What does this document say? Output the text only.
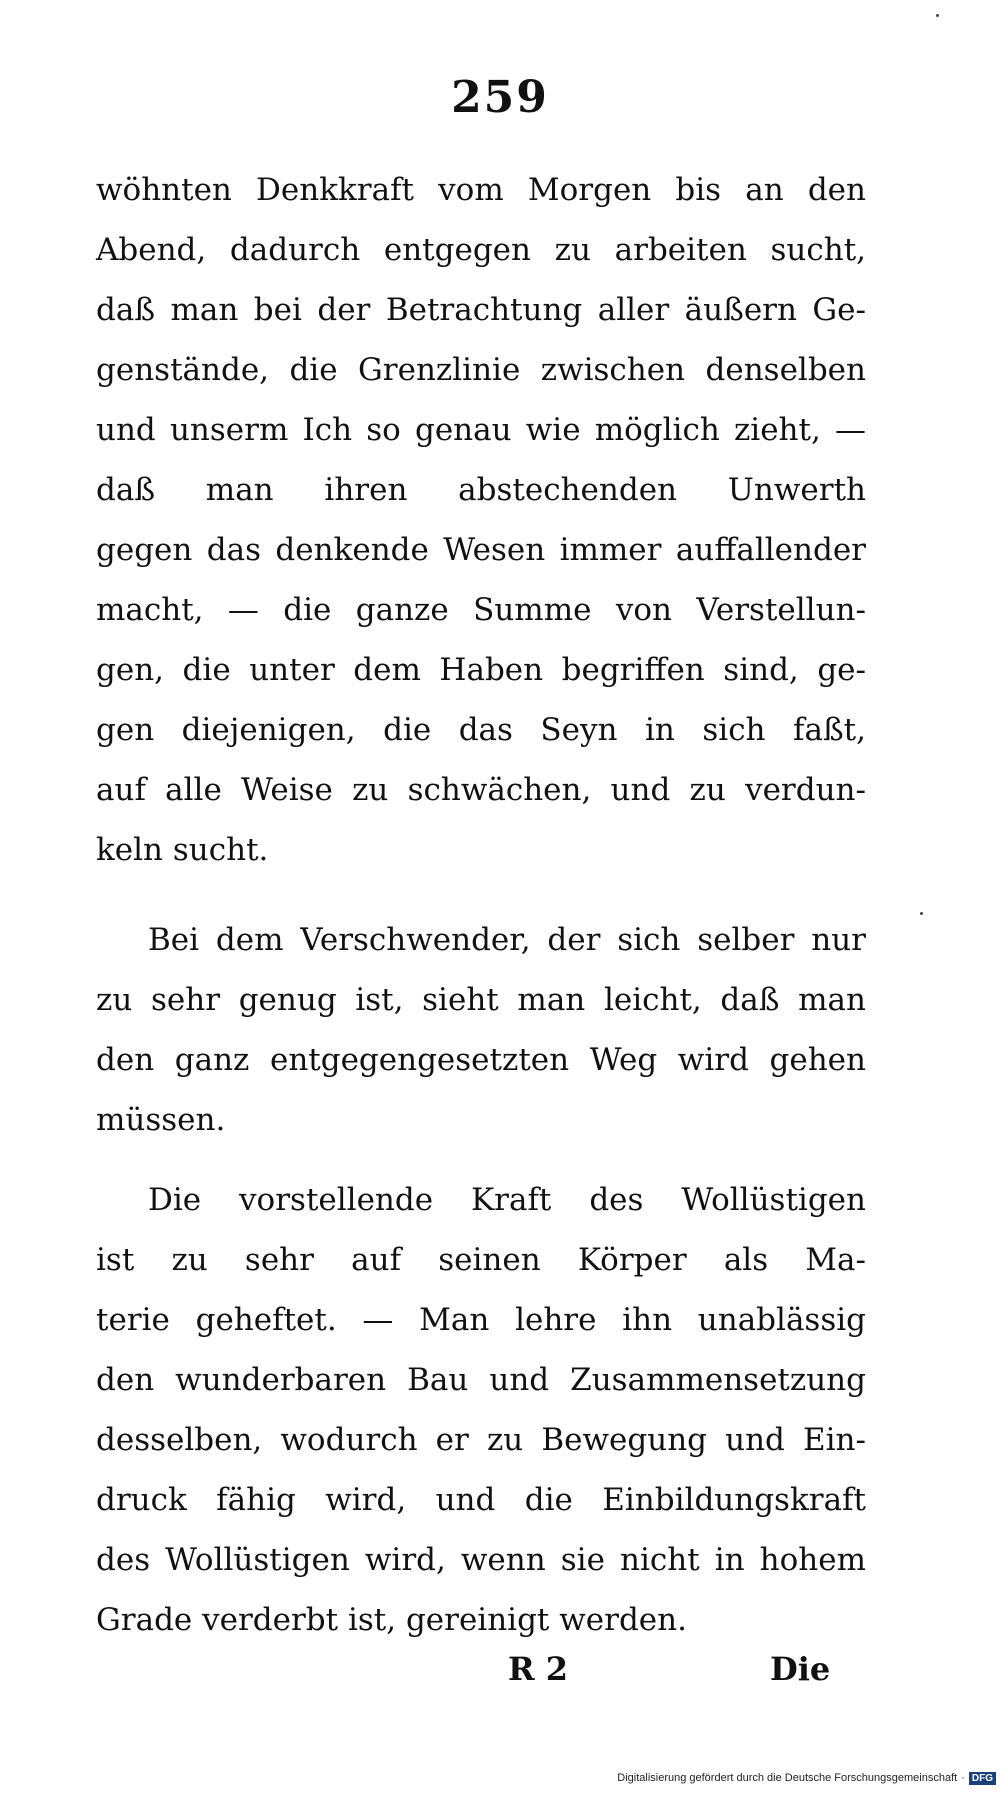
259
wöhnten Denkkraft vom Morgen bis an den
Abend, dadurch entgegen zu arbeiten sucht,
daß man bei der Betrachtung aller äußern Ge-
genstände, die Grenzlinie zwischen denselben
und unserm Ich so genau wie möglich zieht, —
daß man ihren abstechenden Unwerth
gegen das denkende Wesen immer auffallender
macht, — die ganze Summe von Verstellun-
gen, die unter dem Haben begriffen sind, ge-
gen diejenigen, die das Seyn in sich faßt,
auf alle Weise zu schwächen, und zu verdun-
keln sucht.
Bei dem Verschwender, der sich selber nur
zu sehr genug ist, sieht man leicht, daß man
den ganz entgegengesetzten Weg wird gehen
müssen.
Die vorstellende Kraft des Wollüstigen
ist zu sehr auf seinen Körper als Ma-
terie geheftet. — Man lehre ihn unablässig
den wunderbaren Bau und Zusammensetzung
desselben, wodurch er zu Bewegung und Ein-
druck fähig wird, und die Einbildungskraft
des Wollüstigen wird, wenn sie nicht in hohem
Grade verderbt ist, gereinigt werden.
R 2	Die
Digitalisierung gefördert durch die Deutsche Forschungsgemeinschaft · DFG
